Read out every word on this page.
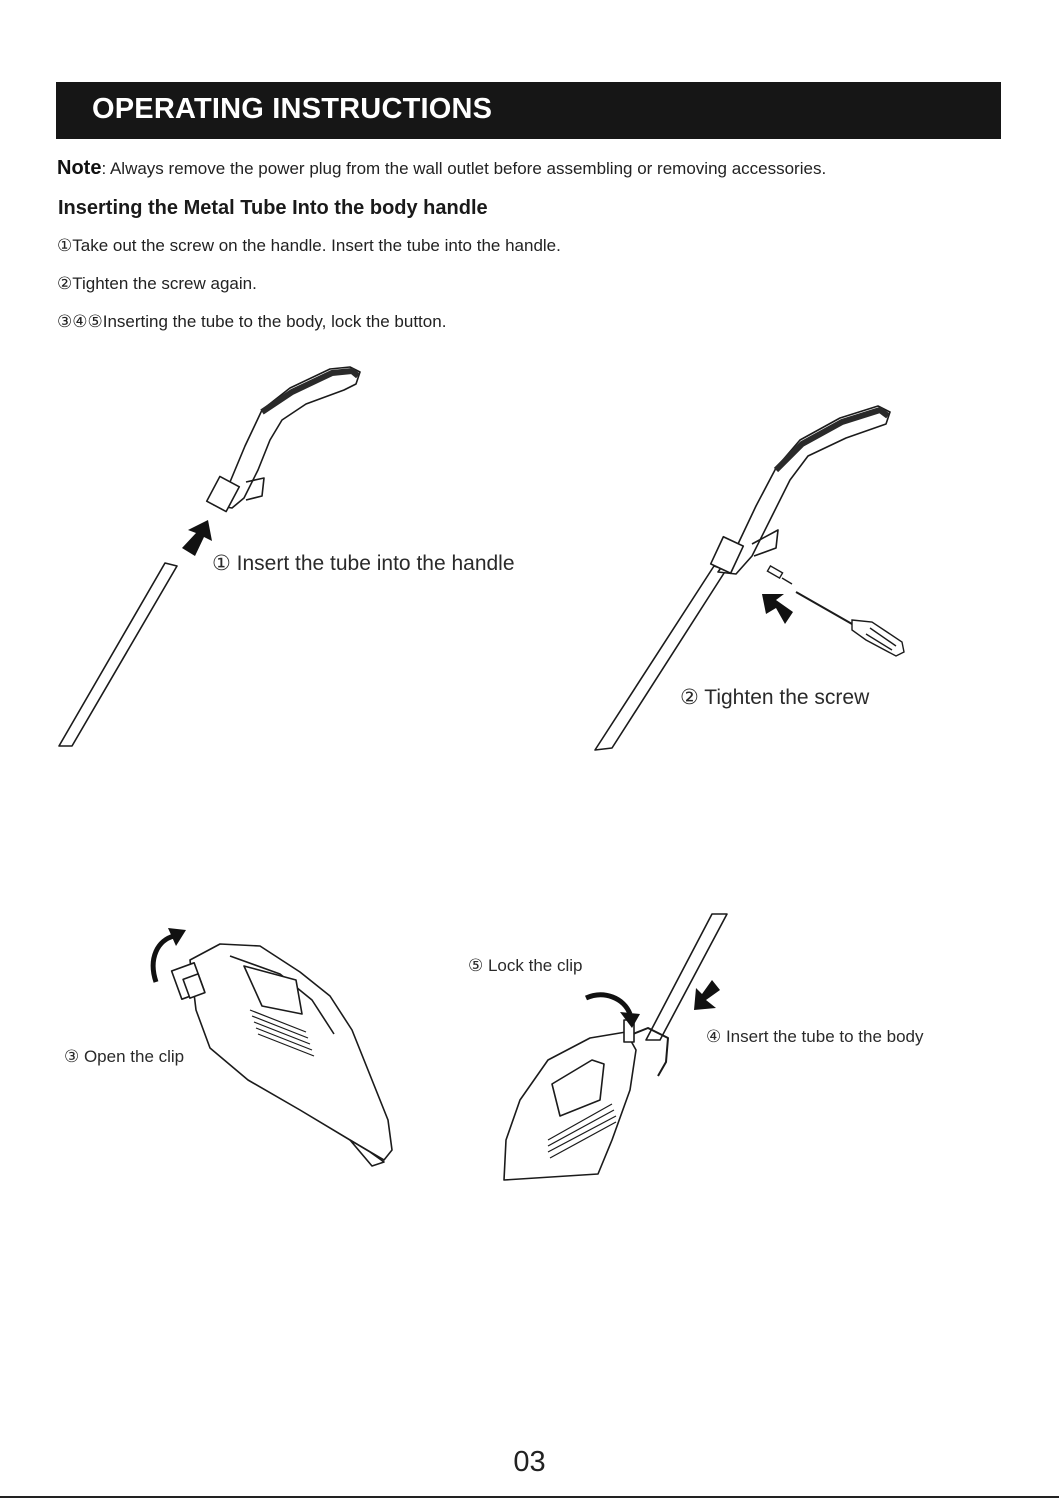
OPERATING INSTRUCTIONS
Note: Always remove the power plug from the wall outlet before assembling or removing accessories.
Inserting the Metal Tube Into the body handle
①Take out the screw on the handle. Insert the tube into the handle.
②Tighten the screw again.
③④⑤Inserting the tube to the body, lock the button.
① Insert the tube into the handle
② Tighten the screw
③ Open the clip
⑤ Lock the clip
④ Insert the tube to the body
03
